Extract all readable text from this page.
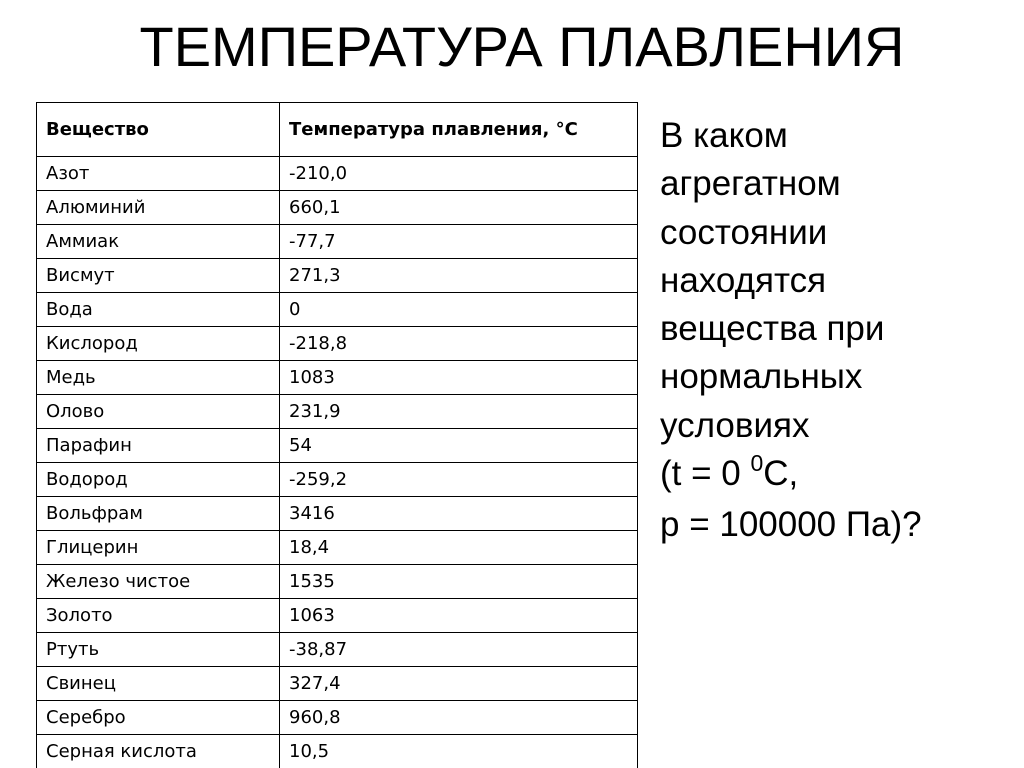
ТЕМПЕРАТУРА ПЛАВЛЕНИЯ
Вещество	Температура плавления, °С
Азот	-210,0
Алюминий	660,1
Аммиак	-77,7
Висмут	271,3
Вода	0
Кислород	-218,8
Медь	1083
Олово	231,9
Парафин	54
Водород	-259,2
Вольфрам	3416
Глицерин	18,4
Железо чистое	1535
Золото	1063
Ртуть	-38,87
Свинец	327,4
Серебро	960,8
Серная кислота	10,5
В каком
агрегатном
состоянии
находятся
вещества при
нормальных
условиях
(t = 0 $^0$С,
p = 100000 Па)?
